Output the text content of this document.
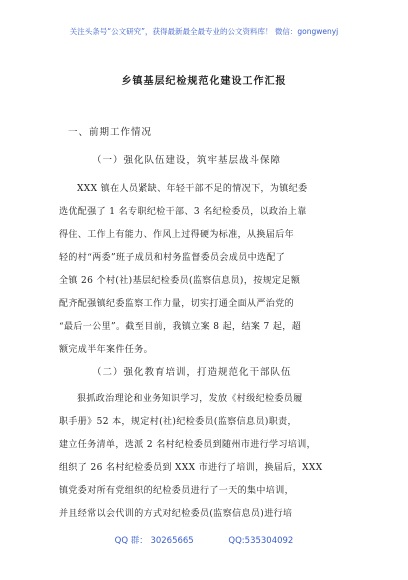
关注头条号“公文研究”，获得最新最全最专业的公文资料库！ 微信：gongwenyj
乡镇基层纪检规范化建设工作汇报
一、前期工作情况
（一）强化队伍建设，筑牢基层战斗保障

XXX 镇在人员紧缺、年轻干部不足的情况下，为镇纪委
选优配强了 1 名专职纪检干部、3 名纪检委员，以政治上靠
得住、工作上有能力、作风上过得硬为标准，从换届后年
轻的村“两委”班子成员和村务监督委员会成员中选配了
全镇 26 个村(社)基层纪检委员(监察信息员)，按规定足额
配齐配强镇纪委监察工作力量，切实打通全面从严治党的
“最后一公里”。截至目前，我镇立案 8 起，结案 7 起，超
额完成半年案件任务。

（二）强化教育培训，打造规范化干部队伍

狠抓政治理论和业务知识学习，发放《村级纪检委员履
职手册》52 本，规定村(社)纪检委员(监察信息员)职责，
建立任务清单，选派 2 名村纪检委员到随州市进行学习培训，
组织了 26 名村纪检委员到 XXX 市进行了培训，换届后，XXX
镇党委对所有党组织的纪检委员进行了一天的集中培训，
并且经常以会代训的方式对纪检委员(监察信息员)进行培

QQ 群： 30265665	QQ:535304092
